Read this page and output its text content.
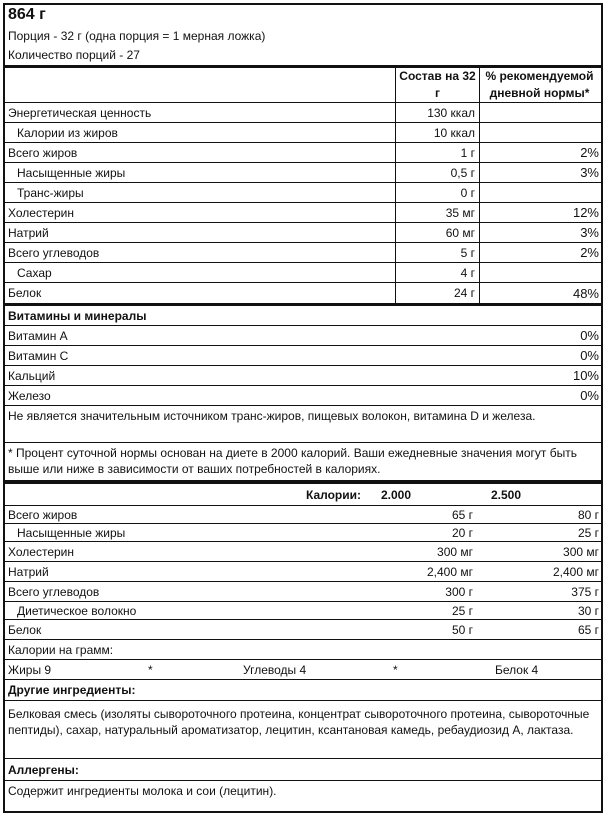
864 г
Порция - 32 г (одна порция = 1 мерная ложка)
Количество порций - 27
Состав на 32 г
% рекомендуемой дневной нормы*
Энергетическая ценность	130 ккал
Калории из жиров	10 ккал
Всего жиров	1 г	2%
Насыщенные жиры	0,5 г	3%
Транс-жиры	0 г
Холестерин	35 мг	12%
Натрий	60 мг	3%
Всего углеводов	5 г	2%
Сахар	4 г
Белок	24 г	48%
Витамины и минералы
Витамин А	0%
Витамин С	0%
Кальций	10%
Железо	0%
Не является значительным источником транс-жиров, пищевых волокон, витамина D и железа.
* Процент суточной нормы основан на диете в 2000 калорий. Ваши ежедневные значения могут быть выше или ниже в зависимости от ваших потребностей в калориях.
Калории:	2.000	2.500
Всего жиров	65 г	80 г
Насыщенные жиры	20 г	25 г
Холестерин	300 мг	300 мг
Натрий	2,400 мг	2,400 мг
Всего углеводов	300 г	375 г
Диетическое волокно	25 г	30 г
Белок	50 г	65 г
Калории на грамм:
Жиры 9	*	Углеводы 4	*	Белок 4
Другие ингредиенты:
Белковая смесь (изоляты сывороточного протеина, концентрат сывороточного протеина, сывороточные пептиды), сахар, натуральный ароматизатор, лецитин, ксантановая камедь, ребаудиозид А, лактаза.
Аллергены:
Содержит ингредиенты молока и сои (лецитин).
